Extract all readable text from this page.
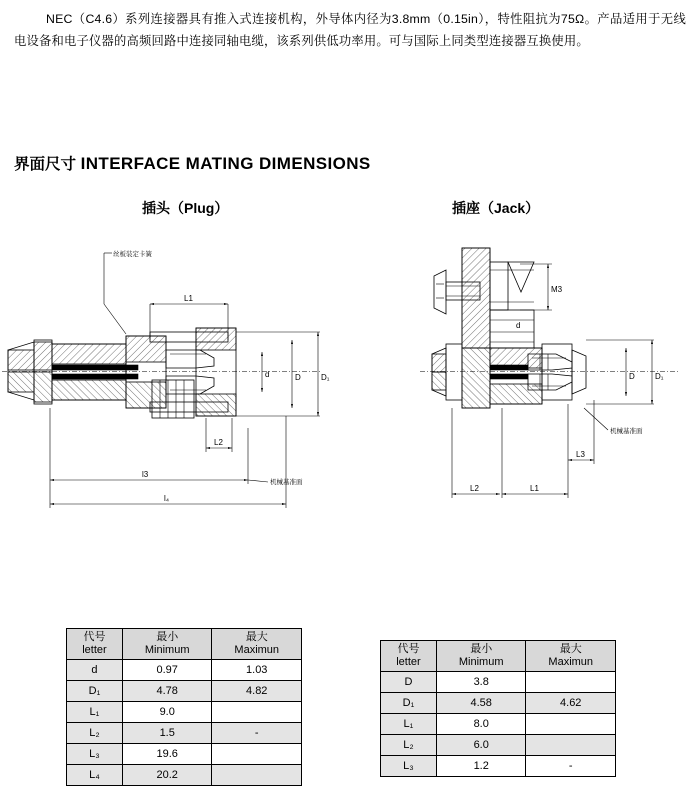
NEC（C4.6）系列连接器具有推入式连接机构，外导体内径为3.8mm（0.15in），特性阻抗为75Ω。产品适用于无线电设备和电子仪器的高频回路中连接同轴电缆，该系列供低功率用。可与国际上同类型连接器互换使用。
界面尺寸 INTERFACE MATING DIMENSIONS
插头（Plug）	插座（Jack）
丝板装定卡簧
L1
d	D	D₁
L2
l3
l₄
机械基准面
M3
d
D	D₁
机械基准面
L3
L1
L2
代号
letter

最小
Minimum

最大
Maximun

d	0.97	1.03
D₁	4.78	4.82
L₁	9.0	
L₂	1.5	-
L₃	19.6	
L₄	20.2	
代号
letter

最小
Minimum

最大
Maximun

D	3.8	
D₁	4.58	4.62
L₁	8.0	
L₂	6.0	
L₃	1.2	-
